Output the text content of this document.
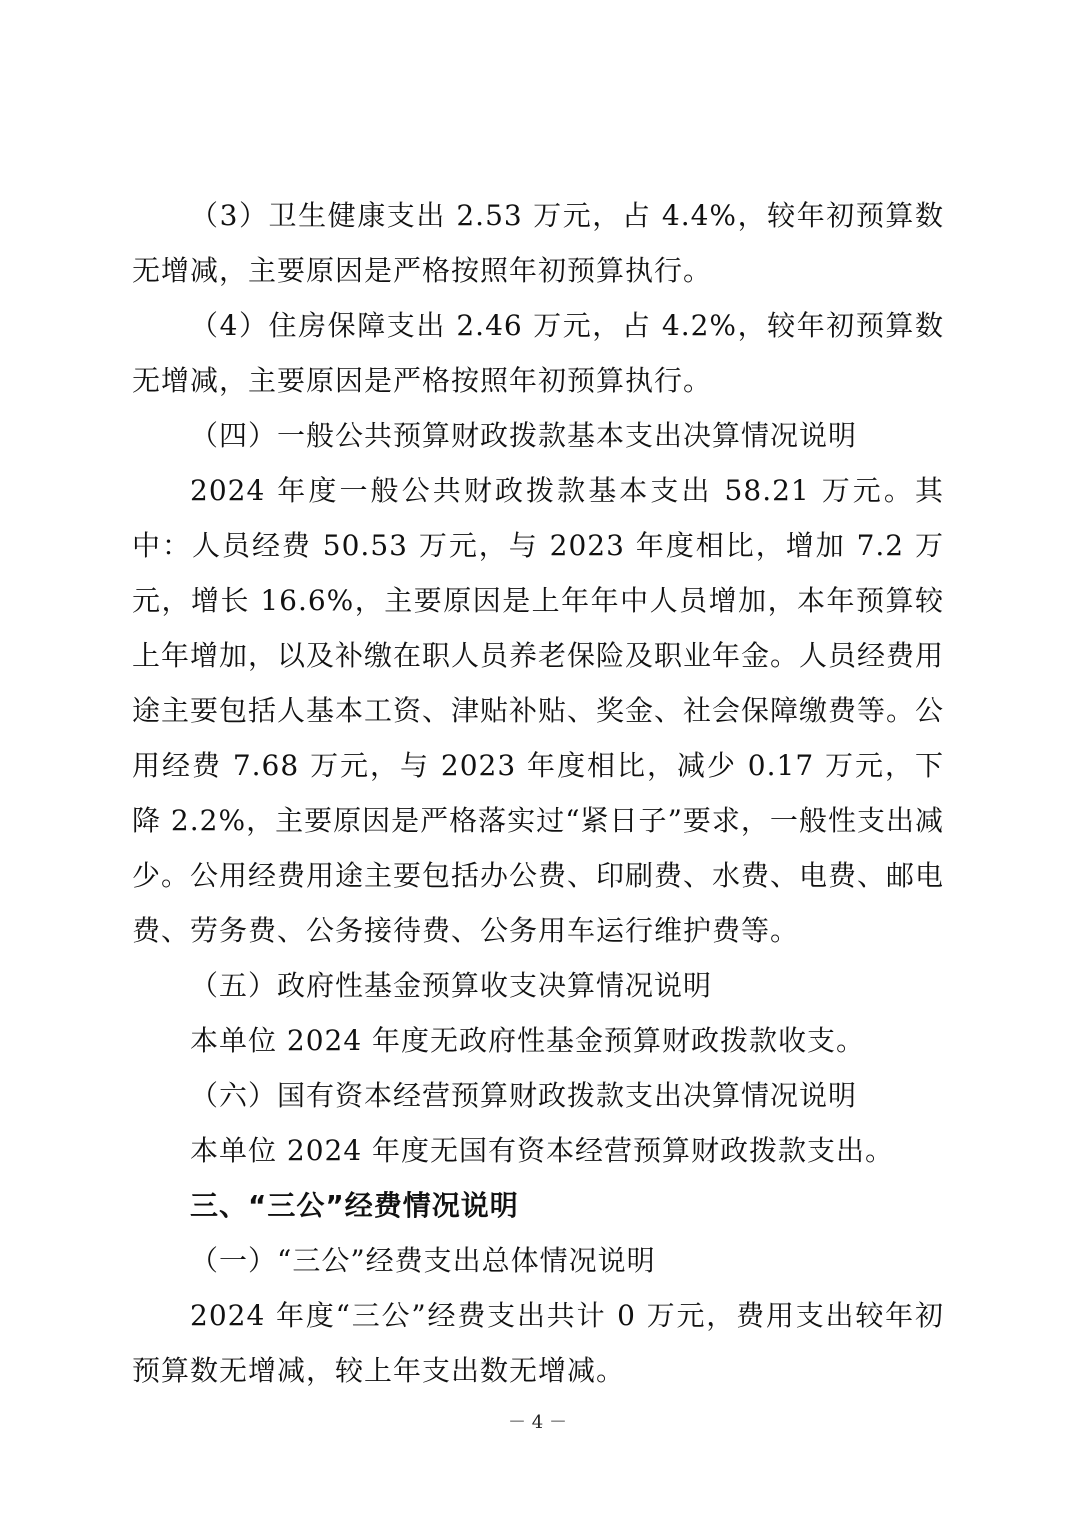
（3）卫生健康支出 2.53 万元，占 4.4%，较年初预算数无增减，主要原因是严格按照年初预算执行。

（4）住房保障支出 2.46 万元，占 4.2%，较年初预算数无增减，主要原因是严格按照年初预算执行。

（四）一般公共预算财政拨款基本支出决算情况说明

2024 年度一般公共财政拨款基本支出 58.21 万元。其中：人员经费 50.53 万元，与 2023 年度相比，增加 7.2 万元，增长 16.6%，主要原因是上年年中人员增加，本年预算较上年增加，以及补缴在职人员养老保险及职业年金。人员经费用途主要包括人基本工资、津贴补贴、奖金、社会保障缴费等。公用经费 7.68 万元，与 2023 年度相比，减少 0.17 万元，下降 2.2%，主要原因是严格落实过“紧日子”要求，一般性支出减少。公用经费用途主要包括办公费、印刷费、水费、电费、邮电费、劳务费、公务接待费、公务用车运行维护费等。

（五）政府性基金预算收支决算情况说明

本单位 2024 年度无政府性基金预算财政拨款收支。

（六）国有资本经营预算财政拨款支出决算情况说明

本单位 2024 年度无国有资本经营预算财政拨款支出。

三、“三公”经费情况说明

（一）“三公”经费支出总体情况说明

2024 年度“三公”经费支出共计 0 万元，费用支出较年初预算数无增减，较上年支出数无增减。

－ 4 －
